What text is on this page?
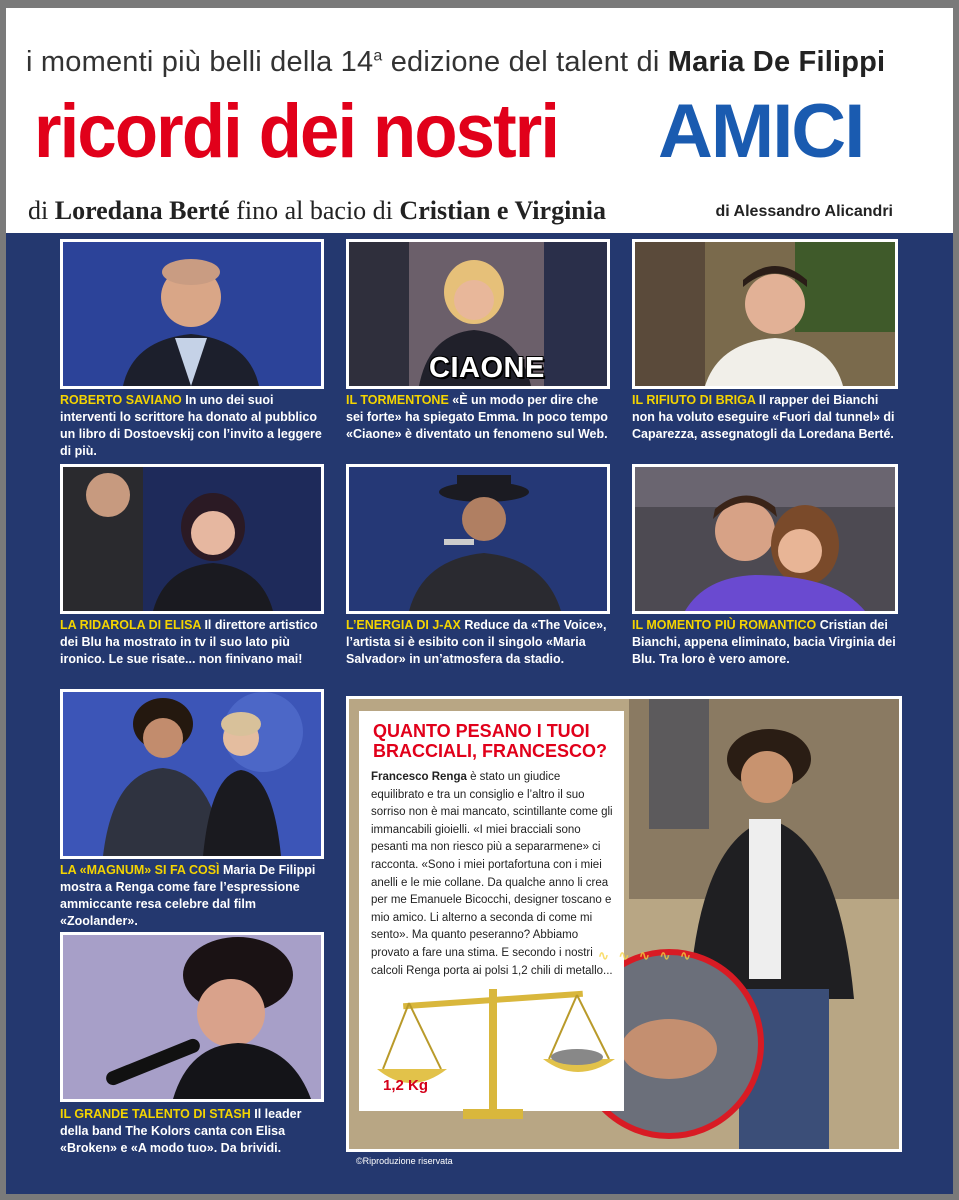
i momenti più belli della 14$^a$ edizione del talent di Maria De Filippi
ricordi dei nostri AMICI
di Loredana Berté fino al bacio di Cristian e Virginia	di Alessandro Alicandri
ROBERTO SAVIANO In uno dei suoi interventi lo scrittore ha donato al pubblico un libro di Dostoevskij con l’invito a leggere di più.
CIAONE
IL TORMENTONE «È un modo per dire che sei forte» ha spiegato Emma. In poco tempo «Ciaone» è diventato un fenomeno sul Web.
IL RIFIUTO DI BRIGA Il rapper dei Bianchi non ha voluto eseguire «Fuori dal tunnel» di Caparezza, assegnatogli da Loredana Berté.
LA RIDAROLA DI ELISA Il direttore artistico dei Blu ha mostrato in tv il suo lato più ironico. Le sue risate... non finivano mai!
L’ENERGIA DI J-AX Reduce da «The Voice», l’artista si è esibito con il singolo «Maria Salvador» in un’atmosfera da stadio.
IL MOMENTO PIÙ ROMANTICO Cristian dei Bianchi, appena eliminato, bacia Virginia dei Blu. Tra loro è vero amore.
LA «MAGNUM» SI FA COSÌ Maria De Filippi mostra a Renga come fare l’espressione ammiccante resa celebre dal film «Zoolander».
IL GRANDE TALENTO DI STASH Il leader della band The Kolors canta con Elisa «Broken» e «A modo tuo». Da brividi.
QUANTO PESANO I TUOI BRACCIALI, FRANCESCO?
Francesco Renga è stato un giudice equilibrato e tra un consiglio e l’altro il suo sorriso non è mai mancato, scintillante come gli immancabili gioielli. «I miei bracciali sono pesanti ma non riesco più a separarmene» ci racconta. «Sono i miei portafortuna con i miei anelli e le mie collane. Da qualche anno li crea per me Emanuele Bicocchi, designer toscano e mio amico. Li alterno a seconda di come mi sento». Ma quanto peseranno? Abbiamo provato a fare una stima. E secondo i nostri calcoli Renga porta ai polsi 1,2 chili di metallo...
1,2 Kg
∿ ∿ ∿ ∿ ∿
©Riproduzione riservata
